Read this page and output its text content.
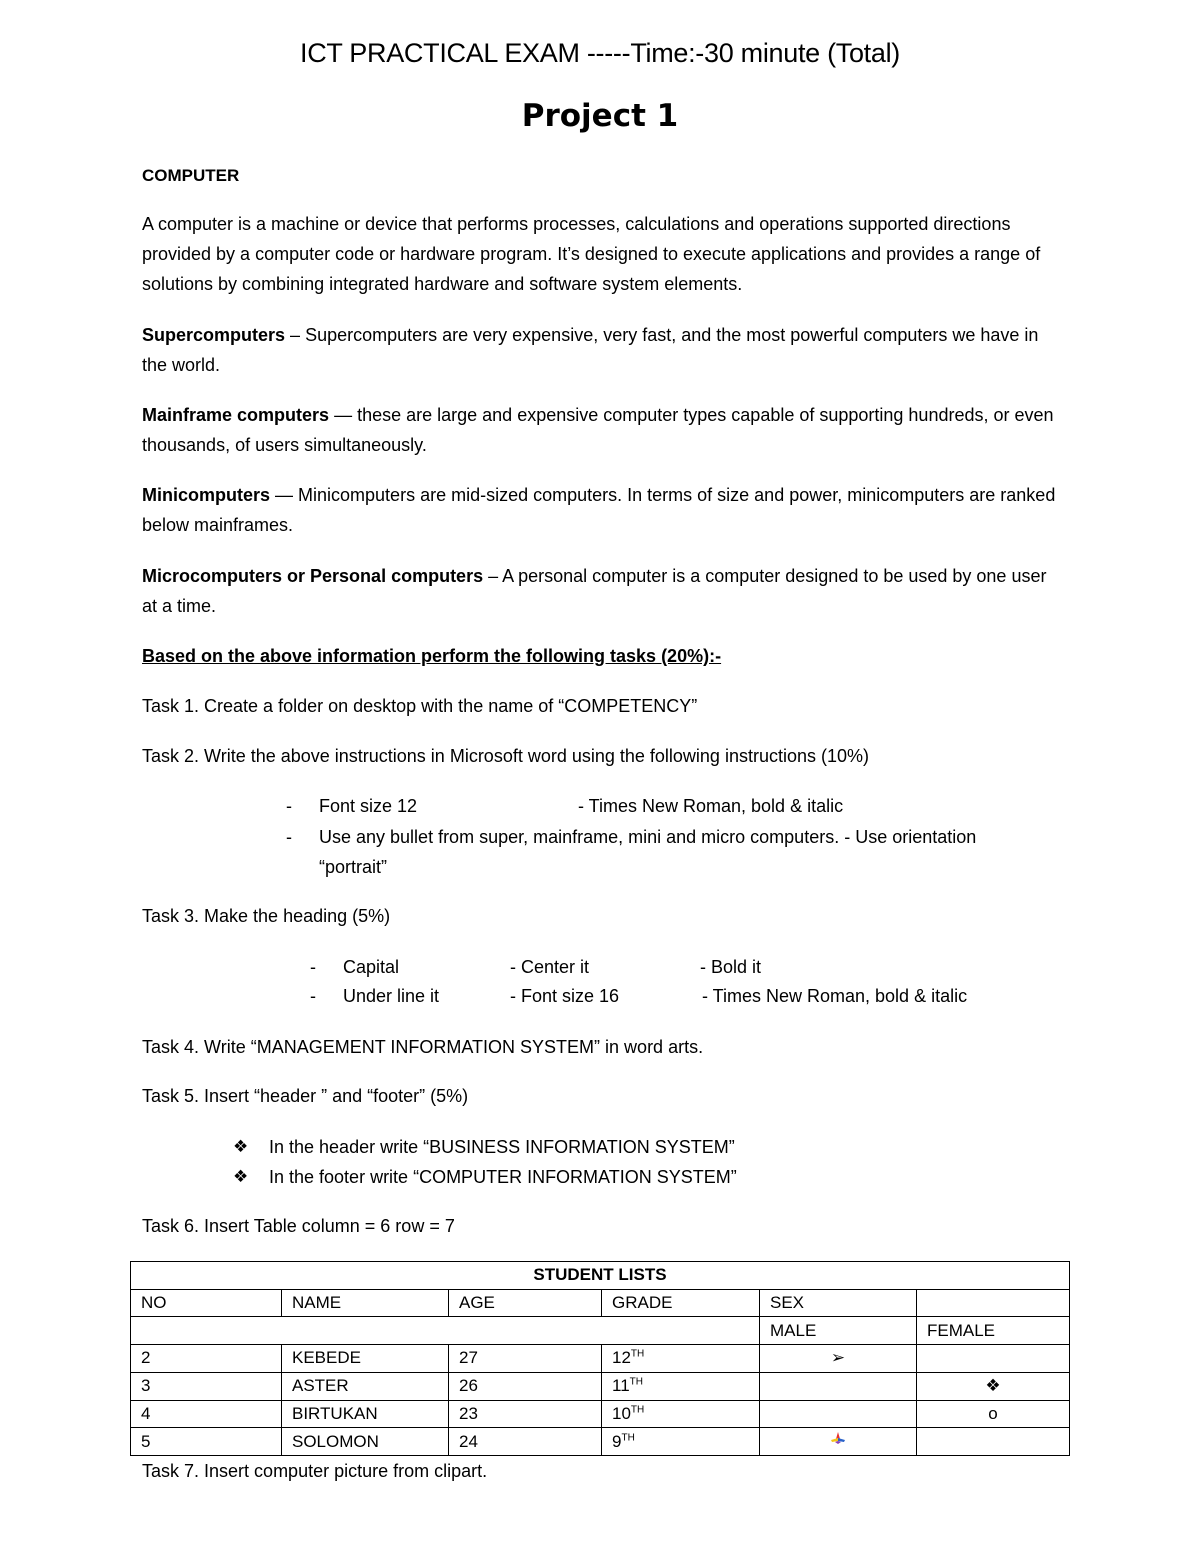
ICT PRACTICAL EXAM -----Time:-30 minute (Total)
Project 1
COMPUTER
A computer is a machine or device that performs processes, calculations and operations supported directions provided by a computer code or hardware program. It’s designed to execute applications and provides a range of solutions by combining integrated hardware and software system elements.
Supercomputers – Supercomputers are very expensive, very fast, and the most powerful computers we have in the world.
Mainframe computers — these are large and expensive computer types capable of supporting hundreds, or even thousands, of users simultaneously.
Minicomputers — Minicomputers are mid-sized computers. In terms of size and power, minicomputers are ranked below mainframes.
Microcomputers or Personal computers – A personal computer is a computer designed to be used by one user at a time.
Based on the above information perform the following tasks (20%):-
Task 1. Create a folder on desktop with the name of “COMPETENCY”
Task 2. Write the above instructions in Microsoft word using the following instructions (10%)
- Font size 12	- Times New Roman, bold & italic
- Use any bullet from super, mainframe, mini and micro computers. - Use orientation
“portrait”
Task 3. Make the heading (5%)
- Capital	- Center it	- Bold it
- Under line it	- Font size 16	- Times New Roman, bold & italic
Task 4. Write “MANAGEMENT INFORMATION SYSTEM” in word arts.
Task 5. Insert “header ” and “footer” (5%)
❖ In the header write “BUSINESS INFORMATION SYSTEM”
❖ In the footer write “COMPUTER INFORMATION SYSTEM”
Task 6. Insert Table column = 6 row = 7
STUDENT LISTS					
NO	NAME	AGE	GRADE	SEX	
				MALE	FEMALE
2	KEBEDE	27	12TH	➢	
3	ASTER	26	11TH		❖
4	BIRTUKAN	23	10TH		o
5	SOLOMON	24	9TH		
Task 7. Insert computer picture from clipart.
